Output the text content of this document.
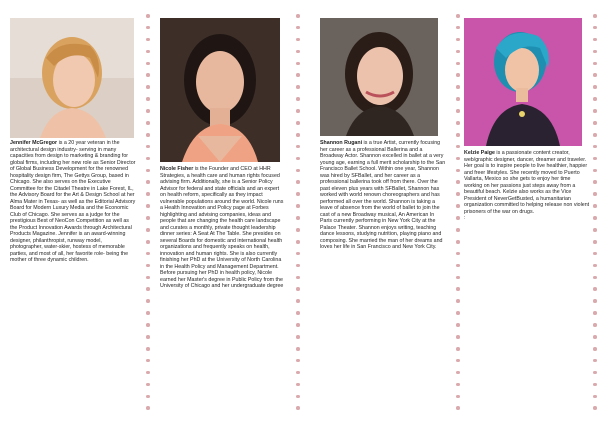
Jennifer McGregor is a 20 year veteran in the architectural design industry- serving in many capacities from design to marketing & branding for global firms, including her new role as Senior Director of Global Business Development for the renowned hospitality design firm, The Gettys Group, based in Chicago. She also serves on the Executive Committee for the Citadel Theatre in Lake Forest, IL, the Advisory Board for the Art & Design School at her Alma Mater in Texas- as well as the Editorial Advisory Board for Modern Luxury Media and the Economic Club of Chicago. She serves as a judge for the prestigious Best of NeoCon Competition as well as the Product Innovation Awards through Architectural Products Magazine. Jennifer is an award-winning designer, philanthropist, runway model, photographer, water-skier, hostess of memorable parties, and most of all, her favorite role- being the mother of three dynamic children.

Nicole Fisher is the Founder and CEO at HHR Strategies, a health care and human rights focused advising firm. Additionally, she is a Senior Policy Advisor for federal and state officials and an expert on health reform, specifically as they impact vulnerable populations around the world. Nicole runs a Health Innovation and Policy page at Forbes highlighting and advising companies, ideas and people that are changing the health care landscape and curates a monthly, private thought leadership dinner series: A Seat At The Table. She presides on several Boards for domestic and international health organizations and frequently speaks on health, innovation and human rights. She is also currently finishing her PhD at the University of North Carolina in the Health Policy and Management Department. Before pursuing her PhD in health policy, Nicole earned her Master's degree in Public Policy from the University of Chicago and her undergraduate degree

Shannon Rugani is a true Artist, currently focusing her career as a professional Ballerina and a Broadway Actor. Shannon excelled in ballet at a very young age, earning a full merit scholarship to the San Francisco Ballet School. Within one year, Shannon was hired by SFBallet, and her career as a professional ballerina took off from there. Over the past eleven plus years with SFBallet, Shannon has worked with world renown choreographers and has performed all over the world. Shannon is taking a leave of absence from the world of ballet to join the cast of a new Broadway musical, An American In Paris currently performing in New York City at the Palace Theater. Shannon enjoys writing, teaching dance lessons, studying nutrition, playing piano and composing. She married the man of her dreams and loves her life in San Francisco and New York City.

Kelzie Paige is a passionate content creator, web/graphic designer, dancer, dreamer and traveler. Her goal is to inspire people to live healthier, happier and freer lifestyles. She recently moved to Puerto Vallarta, Mexico so she gets to enjoy her time working on her passions just steps away from a beautiful beach. Kelzie also works as the Vice President of NeverGetBusted, a humanitarian organization committed to helping release non violent prisoners of the war on drugs.
:
